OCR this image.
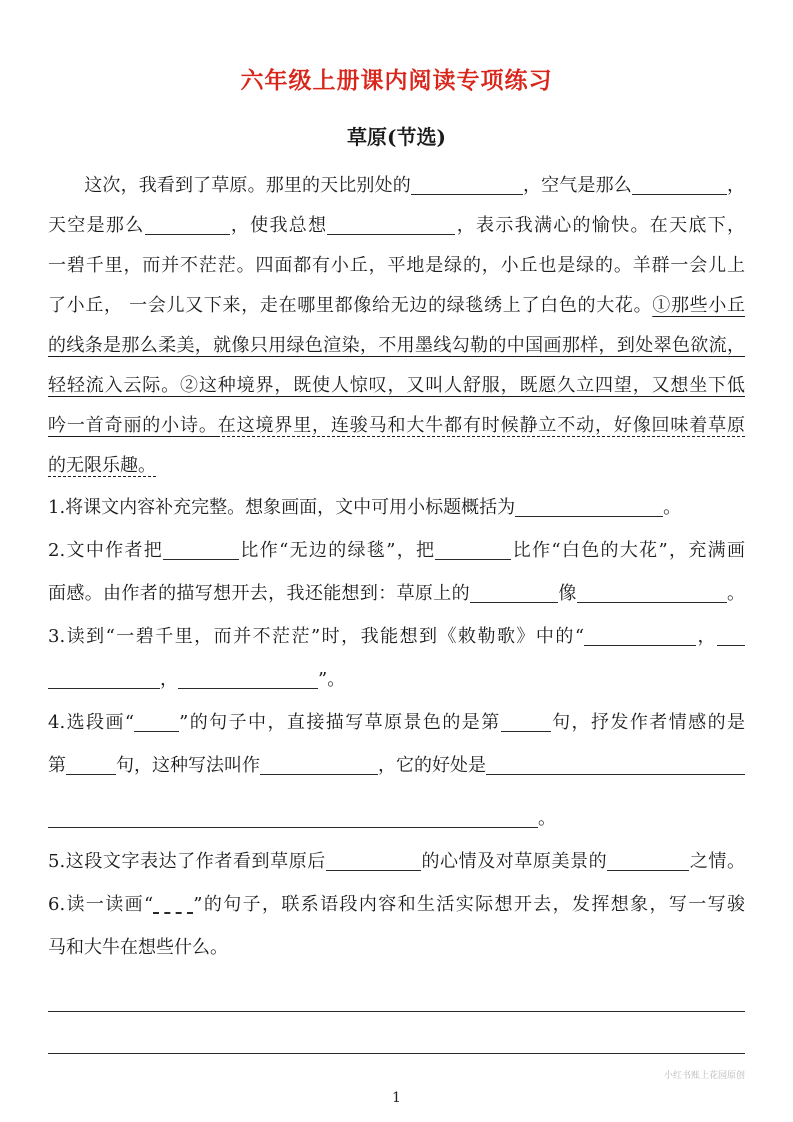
六年级上册课内阅读专项练习
草原(节选)
　　这次，我看到了草原。那里的天比别处的	，空气是那么	，
天空是那么	，使我总想	，表示我满心的愉快。在天底下，
一碧千里，而并不茫茫。四面都有小丘，平地是绿的，小丘也是绿的。羊群一会儿上
了小丘， 一会儿又下来，走在哪里都像给无边的绿毯绣上了白色的大花。①那些小丘
的线条是那么柔美，就像只用绿色渲染，不用墨线勾勒的中国画那样，到处翠色欲流，
轻轻流入云际。②这种境界，既使人惊叹，又叫人舒服，既愿久立四望，又想坐下低
吟一首奇丽的小诗。在这境界里，连骏马和大牛都有时候静立不动，好像回味着草原
的无限乐趣。
1.将课文内容补充完整。想象画面，文中可用小标题概括为	。
2.文中作者把	比作“无边的绿毯”，把	比作“白色的大花”，充满画
面感。由作者的描写想开去，我还能想到：草原上的	像	。
3.读到“一碧千里，而并不茫茫”时，我能想到《敕勒歌》中的“	，
，	”。
4.选段画“	”的句子中，直接描写草原景色的是第	句，抒发作者情感的是
第	句，这种写法叫作	，它的好处是
。
5.这段文字表达了作者看到草原后	的心情及对草原美景的	之情。
6.读一读画“ ”的句子，联系语段内容和生活实际想开去，发挥想象，写一写骏
马和大牛在想些什么。
小红书账上花园原创
1
